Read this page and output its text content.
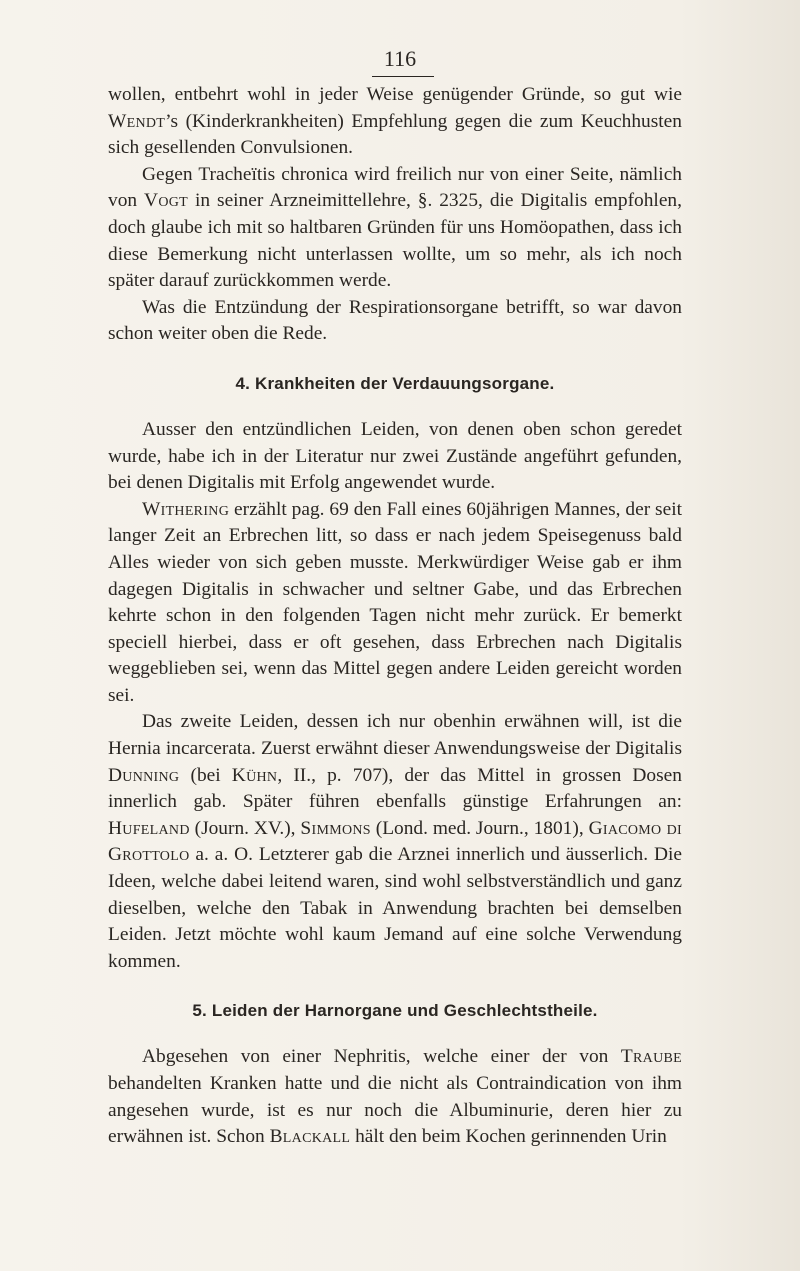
116

wollen, entbehrt wohl in jeder Weise genügender Gründe, so gut wie Wendt’s (Kinderkrankheiten) Empfehlung gegen die zum Keuchhusten sich gesellenden Convulsionen.

Gegen Tracheïtis chronica wird freilich nur von einer Seite, nämlich von Vogt in seiner Arzneimittellehre, §. 2325, die Digitalis empfohlen, doch glaube ich mit so haltbaren Gründen für uns Homöopathen, dass ich diese Bemerkung nicht unterlassen wollte, um so mehr, als ich noch später darauf zurückkommen werde.

Was die Entzündung der Respirationsorgane betrifft, so war davon schon weiter oben die Rede.

4. Krankheiten der Verdauungsorgane.

Ausser den entzündlichen Leiden, von denen oben schon geredet wurde, habe ich in der Literatur nur zwei Zustände angeführt gefunden, bei denen Digitalis mit Erfolg angewendet wurde.

Withering erzählt pag. 69 den Fall eines 60jährigen Mannes, der seit langer Zeit an Erbrechen litt, so dass er nach jedem Speisegenuss bald Alles wieder von sich geben musste. Merkwürdiger Weise gab er ihm dagegen Digitalis in schwacher und seltner Gabe, und das Erbrechen kehrte schon in den folgenden Tagen nicht mehr zurück. Er bemerkt speciell hierbei, dass er oft gesehen, dass Erbrechen nach Digitalis weggeblieben sei, wenn das Mittel gegen andere Leiden gereicht worden sei.

Das zweite Leiden, dessen ich nur obenhin erwähnen will, ist die Hernia incarcerata. Zuerst erwähnt dieser Anwendungsweise der Digitalis Dunning (bei Kühn, II., p. 707), der das Mittel in grossen Dosen innerlich gab. Später führen ebenfalls günstige Erfahrungen an: Hufeland (Journ. XV.), Simmons (Lond. med. Journ., 1801), Giacomo di Grottolo a. a. O. Letzterer gab die Arznei innerlich und äusserlich. Die Ideen, welche dabei leitend waren, sind wohl selbstverständlich und ganz dieselben, welche den Tabak in Anwendung brachten bei demselben Leiden. Jetzt möchte wohl kaum Jemand auf eine solche Verwendung kommen.

5. Leiden der Harnorgane und Geschlechtstheile.

Abgesehen von einer Nephritis, welche einer der von Traube behandelten Kranken hatte und die nicht als Contraindication von ihm angesehen wurde, ist es nur noch die Albuminurie, deren hier zu erwähnen ist. Schon Blackall hält den beim Kochen gerinnenden Urin
